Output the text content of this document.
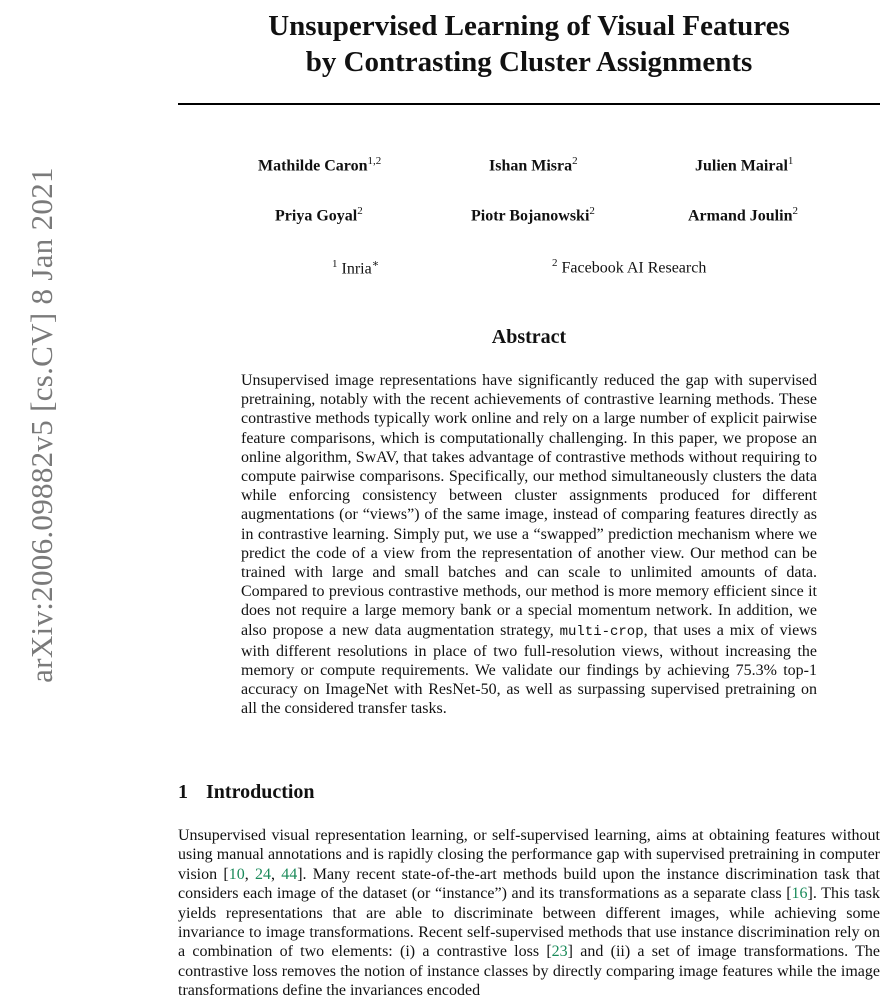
arXiv:2006.09882v5 [cs.CV] 8 Jan 2021
Unsupervised Learning of Visual Features
by Contrasting Cluster Assignments
Mathilde Caron$^{1,2}$	Ishan Misra$^2$	Julien Mairal$^1$
Priya Goyal$^2$	Piotr Bojanowski$^2$	Armand Joulin$^2$
$^1$ Inria∗	$^2$ Facebook AI Research
Abstract

Unsupervised image representations have significantly reduced the gap with supervised pretraining, notably with the recent achievements of contrastive learning methods. These contrastive methods typically work online and rely on a large number of explicit pairwise feature comparisons, which is computationally challenging. In this paper, we propose an online algorithm, SwAV, that takes advantage of contrastive methods without requiring to compute pairwise comparisons. Specifically, our method simultaneously clusters the data while enforcing consistency between cluster assignments produced for different augmentations (or “views”) of the same image, instead of comparing features directly as in contrastive learning. Simply put, we use a “swapped” prediction mechanism where we predict the code of a view from the representation of another view. Our method can be trained with large and small batches and can scale to unlimited amounts of data. Compared to previous contrastive methods, our method is more memory efficient since it does not require a large memory bank or a special momentum network. In addition, we also propose a new data augmentation strategy, multi-crop, that uses a mix of views with different resolutions in place of two full-resolution views, without increasing the memory or compute requirements. We validate our findings by achieving 75.3% top-1 accuracy on ImageNet with ResNet-50, as well as surpassing supervised pretraining on all the considered transfer tasks.

1 Introduction

Unsupervised visual representation learning, or self-supervised learning, aims at obtaining features without using manual annotations and is rapidly closing the performance gap with supervised pretraining in computer vision [10, 24, 44]. Many recent state-of-the-art methods build upon the instance discrimination task that considers each image of the dataset (or “instance”) and its transformations as a separate class [16]. This task yields representations that are able to discriminate between different images, while achieving some invariance to image transformations. Recent self-supervised methods that use instance discrimination rely on a combination of two elements: (i) a contrastive loss [23] and (ii) a set of image transformations. The contrastive loss removes the notion of instance classes by directly comparing image features while the image transformations define the invariances encoded
